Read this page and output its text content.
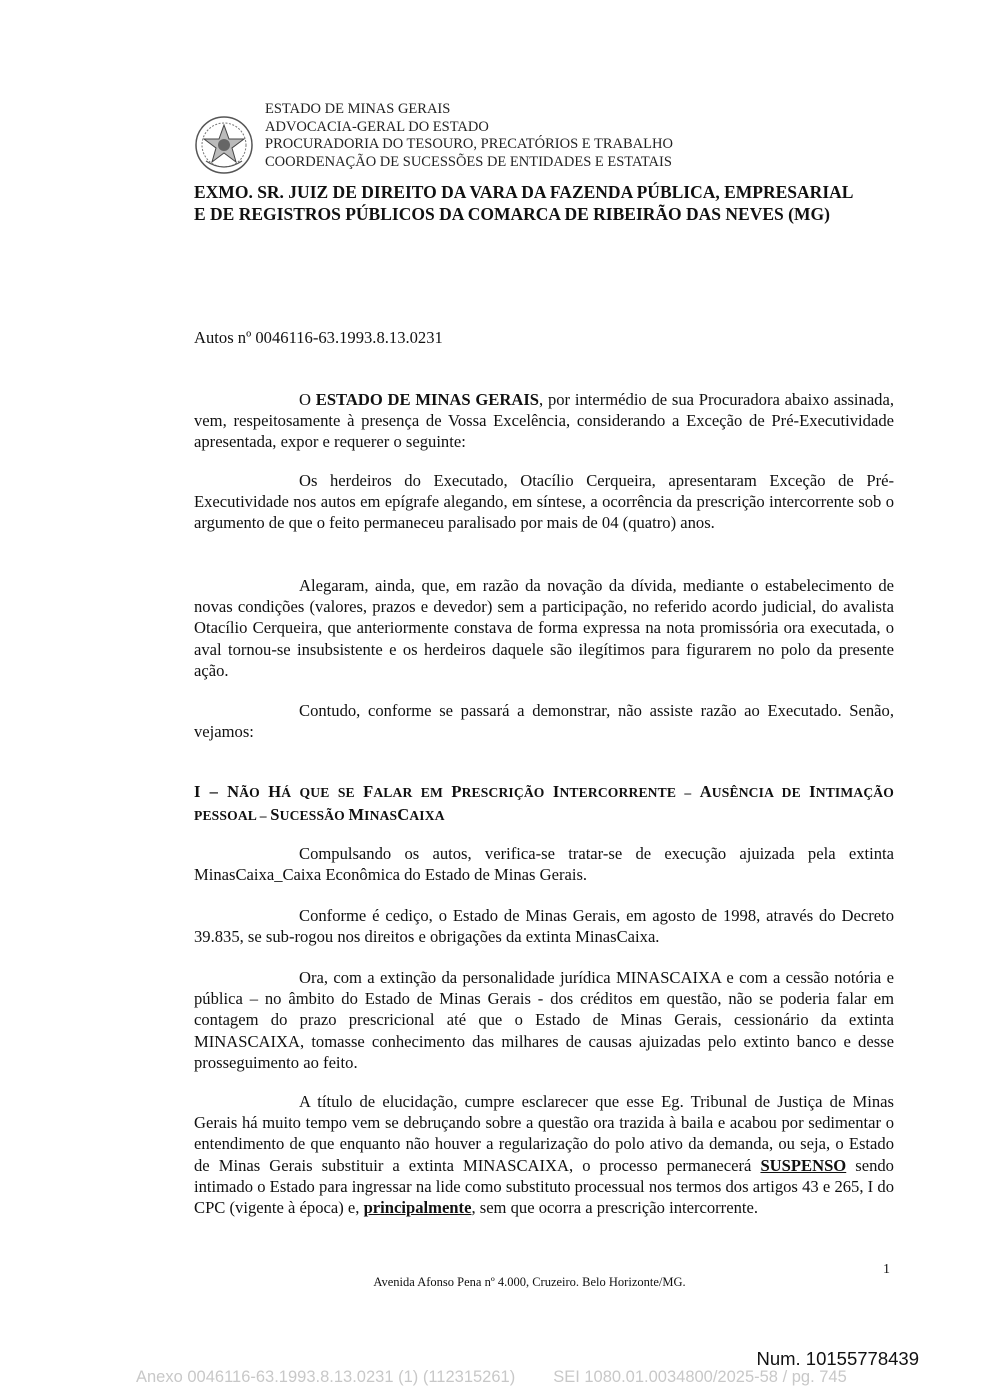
ESTADO DE MINAS GERAIS
ADVOCACIA-GERAL DO ESTADO
PROCURADORIA DO TESOURO, PRECATÓRIOS E TRABALHO
COORDENAÇÃO DE SUCESSÕES DE ENTIDADES E ESTATAIS
EXMO. SR. JUIZ DE DIREITO DA VARA DA FAZENDA PÚBLICA, EMPRESARIAL
E DE REGISTROS PÚBLICOS DA COMARCA DE RIBEIRÃO DAS NEVES (MG)
Autos nº 0046116-63.1993.8.13.0231

O ESTADO DE MINAS GERAIS, por intermédio de sua Procuradora abaixo assinada, vem, respeitosamente à presença de Vossa Excelência, considerando a Exceção de Pré-Executividade apresentada, expor e requerer o seguinte:

Os herdeiros do Executado, Otacílio Cerqueira, apresentaram Exceção de Pré-Executividade nos autos em epígrafe alegando, em síntese, a ocorrência da prescrição intercorrente sob o argumento de que o feito permaneceu paralisado por mais de 04 (quatro) anos.

Alegaram, ainda, que, em razão da novação da dívida, mediante o estabelecimento de novas condições (valores, prazos e devedor) sem a participação, no referido acordo judicial, do avalista Otacílio Cerqueira, que anteriormente constava de forma expressa na nota promissória ora executada, o aval tornou-se insubsistente e os herdeiros daquele são ilegítimos para figurarem no polo da presente ação.

Contudo, conforme se passará a demonstrar, não assiste razão ao Executado. Senão, vejamos:

I – NÃO HÁ QUE SE FALAR EM PRESCRIÇÃO INTERCORRENTE – AUSÊNCIA DE INTIMAÇÃO PESSOAL – SUCESSÃO MINASCAIXA

Compulsando os autos, verifica-se tratar-se de execução ajuizada pela extinta MinasCaixa_Caixa Econômica do Estado de Minas Gerais.

Conforme é cediço, o Estado de Minas Gerais, em agosto de 1998, através do Decreto 39.835, se sub-rogou nos direitos e obrigações da extinta MinasCaixa.

Ora, com a extinção da personalidade jurídica MINASCAIXA e com a cessão notória e pública – no âmbito do Estado de Minas Gerais - dos créditos em questão, não se poderia falar em contagem do prazo prescricional até que o Estado de Minas Gerais, cessionário da extinta MINASCAIXA, tomasse conhecimento das milhares de causas ajuizadas pelo extinto banco e desse prosseguimento ao feito.

A título de elucidação, cumpre esclarecer que esse Eg. Tribunal de Justiça de Minas Gerais há muito tempo vem se debruçando sobre a questão ora trazida à baila e acabou por sedimentar o entendimento de que enquanto não houver a regularização do polo ativo da demanda, ou seja, o Estado de Minas Gerais substituir a extinta MINASCAIXA, o processo permanecerá SUSPENSO sendo intimado o Estado para ingressar na lide como substituto processual nos termos dos artigos 43 e 265, I do CPC (vigente à época) e, principalmente, sem que ocorra a prescrição intercorrente.

1
Avenida Afonso Pena nº 4.000, Cruzeiro. Belo Horizonte/MG.
Num. 10155778439
Anexo 0046116-63.1993.8.13.0231 (1) (112315261) SEI 1080.01.0034800/2025-58 / pg. 745
